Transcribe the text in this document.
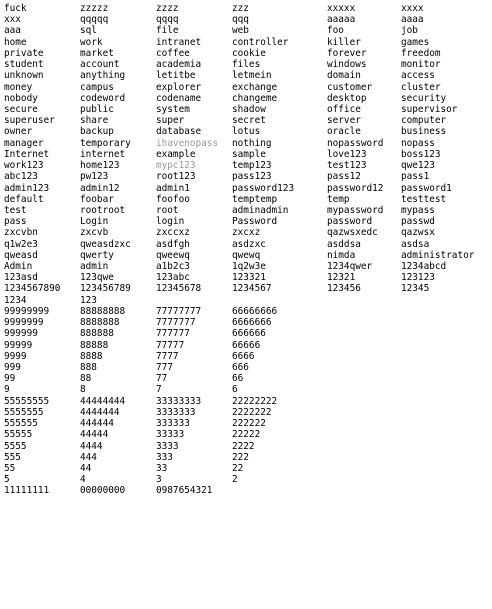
fuck	zzzzz	zzzz	zzz	xxxxx	xxxx
xxx	qqqqq	qqqq	qqq	aaaaa	aaaa
aaa	sql	file	web	foo	job
home	work	intranet	controller	killer	games
private	market	coffee	cookie	forever	freedom
student	account	academia	files	windows	monitor
unknown	anything	letitbe	letmein	domain	access
money	campus	explorer	exchange	customer	cluster
nobody	codeword	codename	changeme	desktop	security
secure	public	system	shadow	office	supervisor
superuser	share	super	secret	server	computer
owner	backup	database	lotus	oracle	business
manager	temporary	ihavenopass	nothing	nopassword	nopass
Internet	internet	example	sample	love123	boss123
work123	home123	mypc123	temp123	test123	qwe123
abc123	pw123	root123	pass123	pass12	pass1
admin123	admin12	admin1	password123	password12	password1
default	foobar	foofoo	temptemp	temp	testtest
test	rootroot	root	adminadmin	mypassword	mypass
pass	Login	login	Password	password	passwd
zxcvbn	zxcvb	zxccxz	zxcxz	qazwsxedc	qazwsx
q1w2e3	qweasdzxc	asdfgh	asdzxc	asddsa	asdsa
qweasd	qwerty	qweewq	qwewq	nimda	administrator
Admin	admin	a1b2c3	1q2w3e	1234qwer	1234abcd
123asd	123qwe	123abc	123321	12321	123123
1234567890	123456789	12345678	1234567	123456	12345
1234	123
99999999	88888888	77777777	66666666
9999999	8888888	7777777	6666666
999999	888888	777777	666666
99999	88888	77777	66666
9999	8888	7777	6666
999	888	777	666
99	88	77	66
9	8	7	6
55555555	44444444	33333333	22222222
5555555	4444444	3333333	2222222
555555	444444	333333	222222
55555	44444	33333	22222
5555	4444	3333	2222
555	444	333	222
55	44	33	22
5	4	3	2
11111111	00000000	0987654321
